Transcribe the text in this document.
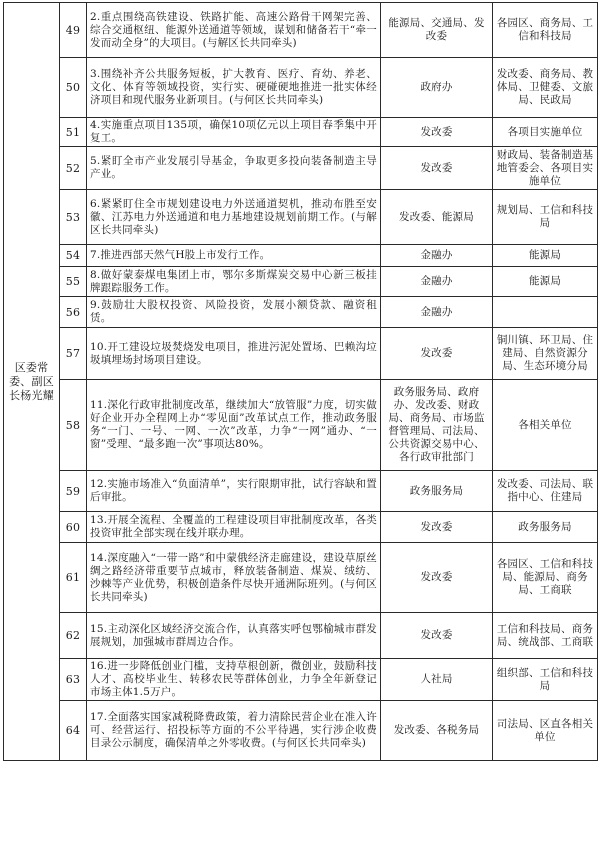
区委常委、副区长杨光耀	49	2.重点围绕高铁建设、铁路扩能、高速公路骨干网架完善、综合交通枢纽、能源外送通道等领域，谋划和储备若干“牵一发而动全身”的大项目。(与解区长共同牵头)	能源局、交通局、发改委	各园区、商务局、工信和科技局
	50	3.围绕补齐公共服务短板，扩大教育、医疗、育幼、养老、文化、体育等领域投资，实行实、硬碰硬地推进一批实体经济项目和现代服务业新项目。(与何区长共同牵头)	政府办	发改委、商务局、教体局、卫健委、文旅局、民政局
	51	4.实施重点项目135项，确保10项亿元以上项目春季集中开复工。	发改委	各项目实施单位
	52	5.紧盯全市产业发展引导基金，争取更多投向装备制造主导产业。	发改委	财政局、装备制造基地管委会、各项目实施单位
	53	6.紧紧盯住全市规划建设电力外送通道契机，推动布胜至安徽、江苏电力外送通道和电力基地建设规划前期工作。(与解区长共同牵头)	发改委、能源局	规划局、工信和科技局
	54	7.推进西部天然气H股上市发行工作。	金融办	能源局
	55	8.做好蒙泰煤电集团上市，鄂尔多斯煤炭交易中心新三板挂牌跟踪服务工作。	金融办	能源局
	56	9.鼓励壮大股权投资、风险投资，发展小额贷款、融资租赁。	金融办	
	57	10.开工建设垃圾焚烧发电项目，推进污泥处置场、巴赖沟垃圾填埋场封场项目建设。	发改委	铜川镇、环卫局、住建局、自然资源分局、生态环境分局
	58	11.深化行政审批制度改革，继续加大“放管服”力度，切实做好企业开办全程网上办“零见面”改革试点工作，推动政务服务“一门、一号、一网、一次”改革，力争“一网”通办、“一窗”受理、“最多跑一次”事项达80%。	政务服务局、政府办、发改委、财政局、商务局、市场监督管理局、司法局、公共资源交易中心、各行政审批部门	各相关单位
	59	12.实施市场准入“负面清单”，实行限期审批，试行容缺和置后审批。	政务服务局	发改委、司法局、联指中心、住建局
	60	13.开展全流程、全覆盖的工程建设项目审批制度改革，各类投资审批全部实现在线并联办理。	发改委	政务服务局
	61	14.深度融入“一带一路”和中蒙俄经济走廊建设，建设草原丝绸之路经济带重要节点城市，释放装备制造、煤炭、绒纺、沙棘等产业优势，积极创造条件尽快开通洲际班列。(与何区长共同牵头)	发改委	各园区、工信和科技局、能源局、商务局、工商联
	62	15.主动深化区域经济交流合作，认真落实呼包鄂榆城市群发展规划，加强城市群周边合作。	发改委	工信和科技局、商务局、统战部、工商联
	63	16.进一步降低创业门槛，支持草根创新，微创业，鼓励科技人才、高校毕业生、转移农民等群体创业，力争全年新登记市场主体1.5万户。	人社局	组织部、工信和科技局
	64	17.全面落实国家减税降费政策，着力清除民营企业在准入许可、经营运行、招投标等方面的不公平待遇，实行涉企收费目录公示制度，确保清单之外零收费。(与何区长共同牵头)	发改委、各税务局	司法局、区直各相关单位
